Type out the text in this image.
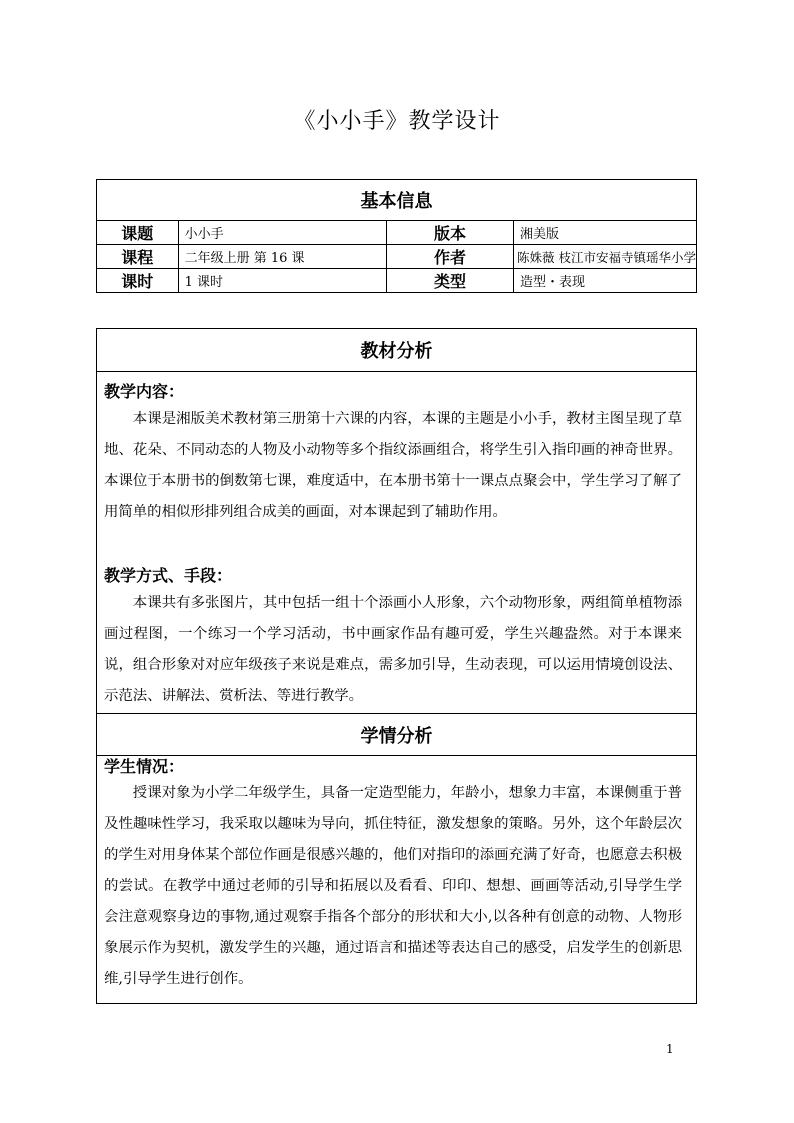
《小小手》教学设计
基本信息			
课题	小小手	版本	湘美版
课程	二年级上册 第 16 课	作者	陈姝薇 枝江市安福寺镇瑶华小学
课时	1 课时	类型	造型・表现
教材分析

教学内容：

本课是湘版美术教材第三册第十六课的内容，本课的主题是小小手，教材主图呈现了草地、花朵、不同动态的人物及小动物等多个指纹添画组合，将学生引入指印画的神奇世界。本课位于本册书的倒数第七课，难度适中，在本册书第十一课点点聚会中，学生学习了解了用简单的相似形排列组合成美的画面，对本课起到了辅助作用。

教学方式、手段：

本课共有多张图片，其中包括一组十个添画小人形象，六个动物形象，两组简单植物添画过程图，一个练习一个学习活动，书中画家作品有趣可爱，学生兴趣盎然。对于本课来说，组合形象对对应年级孩子来说是难点，需多加引导，生动表现，可以运用情境创设法、示范法、讲解法、赏析法、等进行教学。

学情分析

学生情况：

授课对象为小学二年级学生，具备一定造型能力，年龄小，想象力丰富，本课侧重于普及性趣味性学习，我采取以趣味为导向，抓住特征，激发想象的策略。另外，这个年龄层次的学生对用身体某个部位作画是很感兴趣的，他们对指印的添画充满了好奇，也愿意去积极的尝试。在教学中通过老师的引导和拓展以及看看、印印、想想、画画等活动,引导学生学会注意观察身边的事物,通过观察手指各个部分的形状和大小,以各种有创意的动物、人物形象展示作为契机，激发学生的兴趣，通过语言和描述等表达自己的感受，启发学生的创新思维,引导学生进行创作。

1
